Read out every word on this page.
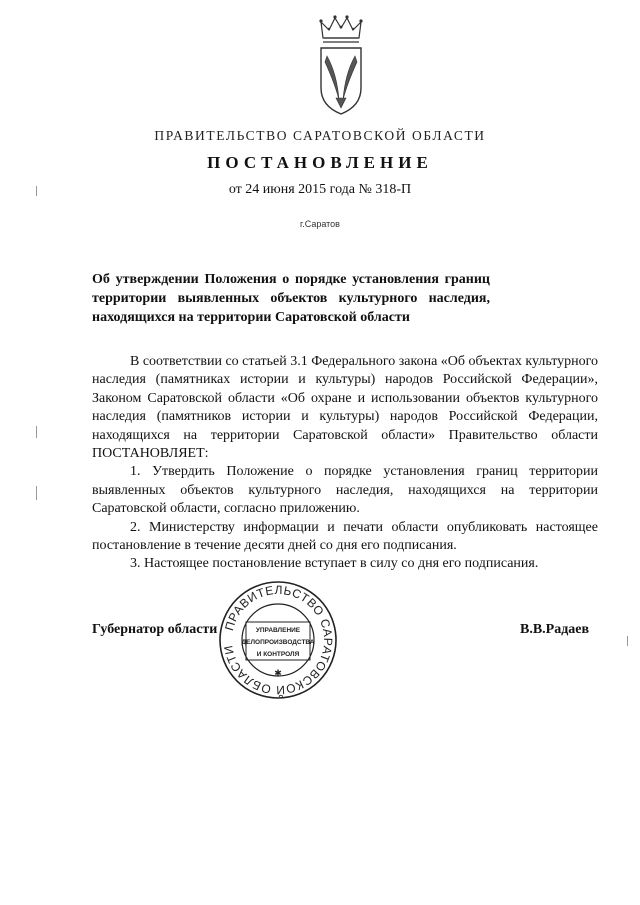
ПРАВИТЕЛЬСТВО САРАТОВСКОЙ ОБЛАСТИ
ПОСТАНОВЛЕНИЕ
от 24 июня 2015 года № 318-П
г.Саратов
Об утверждении Положения о порядке установления границ территории выявленных объектов культурного наследия, находящихся на территории Саратовской области

В соответствии со статьей 3.1 Федерального закона «Об объектах культурного наследия (памятниках истории и культуры) народов Российской Федерации», Законом Саратовской области «Об охране и использовании объектов культурного наследия (памятников истории и культуры) народов Российской Федерации, находящихся на территории Саратовской области» Правительство области ПОСТАНОВЛЯЕТ:

1. Утвердить Положение о порядке установления границ территории выявленных объектов культурного наследия, находящихся на территории Саратовской области, согласно приложению.

2. Министерству информации и печати области опубликовать настоящее постановление в течение десяти дней со дня его подписания.

3. Настоящее постановление вступает в силу со дня его подписания.

Губернатор области	В.В.Радаев
ПРАВИТЕЛЬСТВО САРАТОВСКОЙ ОБЛАСТИ
✱
УПРАВЛЕНИЕ
ДЕЛОПРОИЗВОДСТВА
И КОНТРОЛЯ
